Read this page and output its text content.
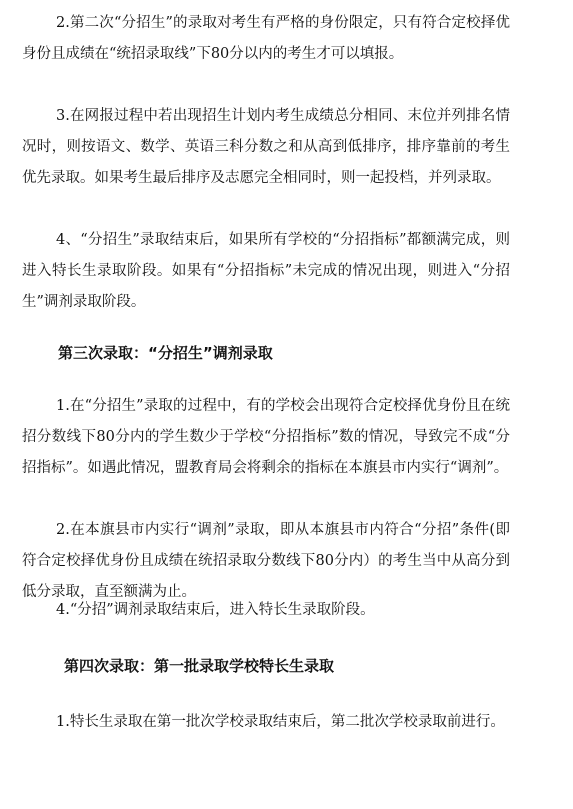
2.第二次“分招生”的录取对考生有严格的身份限定，只有符合定校择优身份且成绩在“统招录取线”下80分以内的考生才可以填报。

3.在网报过程中若出现招生计划内考生成绩总分相同、末位并列排名情况时，则按语文、数学、英语三科分数之和从高到低排序，排序靠前的考生优先录取。如果考生最后排序及志愿完全相同时，则一起投档，并列录取。

4、“分招生”录取结束后，如果所有学校的“分招指标”都额满完成，则进入特长生录取阶段。如果有“分招指标”未完成的情况出现，则进入“分招生”调剂录取阶段。

第三次录取：“分招生”调剂录取

1.在“分招生”录取的过程中，有的学校会出现符合定校择优身份且在统招分数线下80分内的学生数少于学校“分招指标”数的情况，导致完不成“分招指标”。如遇此情况，盟教育局会将剩余的指标在本旗县市内实行“调剂”。

2.在本旗县市内实行“调剂”录取，即从本旗县市内符合“分招”条件(即符合定校择优身份且成绩在统招录取分数线下80分内）的考生当中从高分到低分录取，直至额满为止。

4.“分招”调剂录取结束后，进入特长生录取阶段。

第四次录取：第一批录取学校特长生录取

1.特长生录取在第一批次学校录取结束后，第二批次学校录取前进行。
